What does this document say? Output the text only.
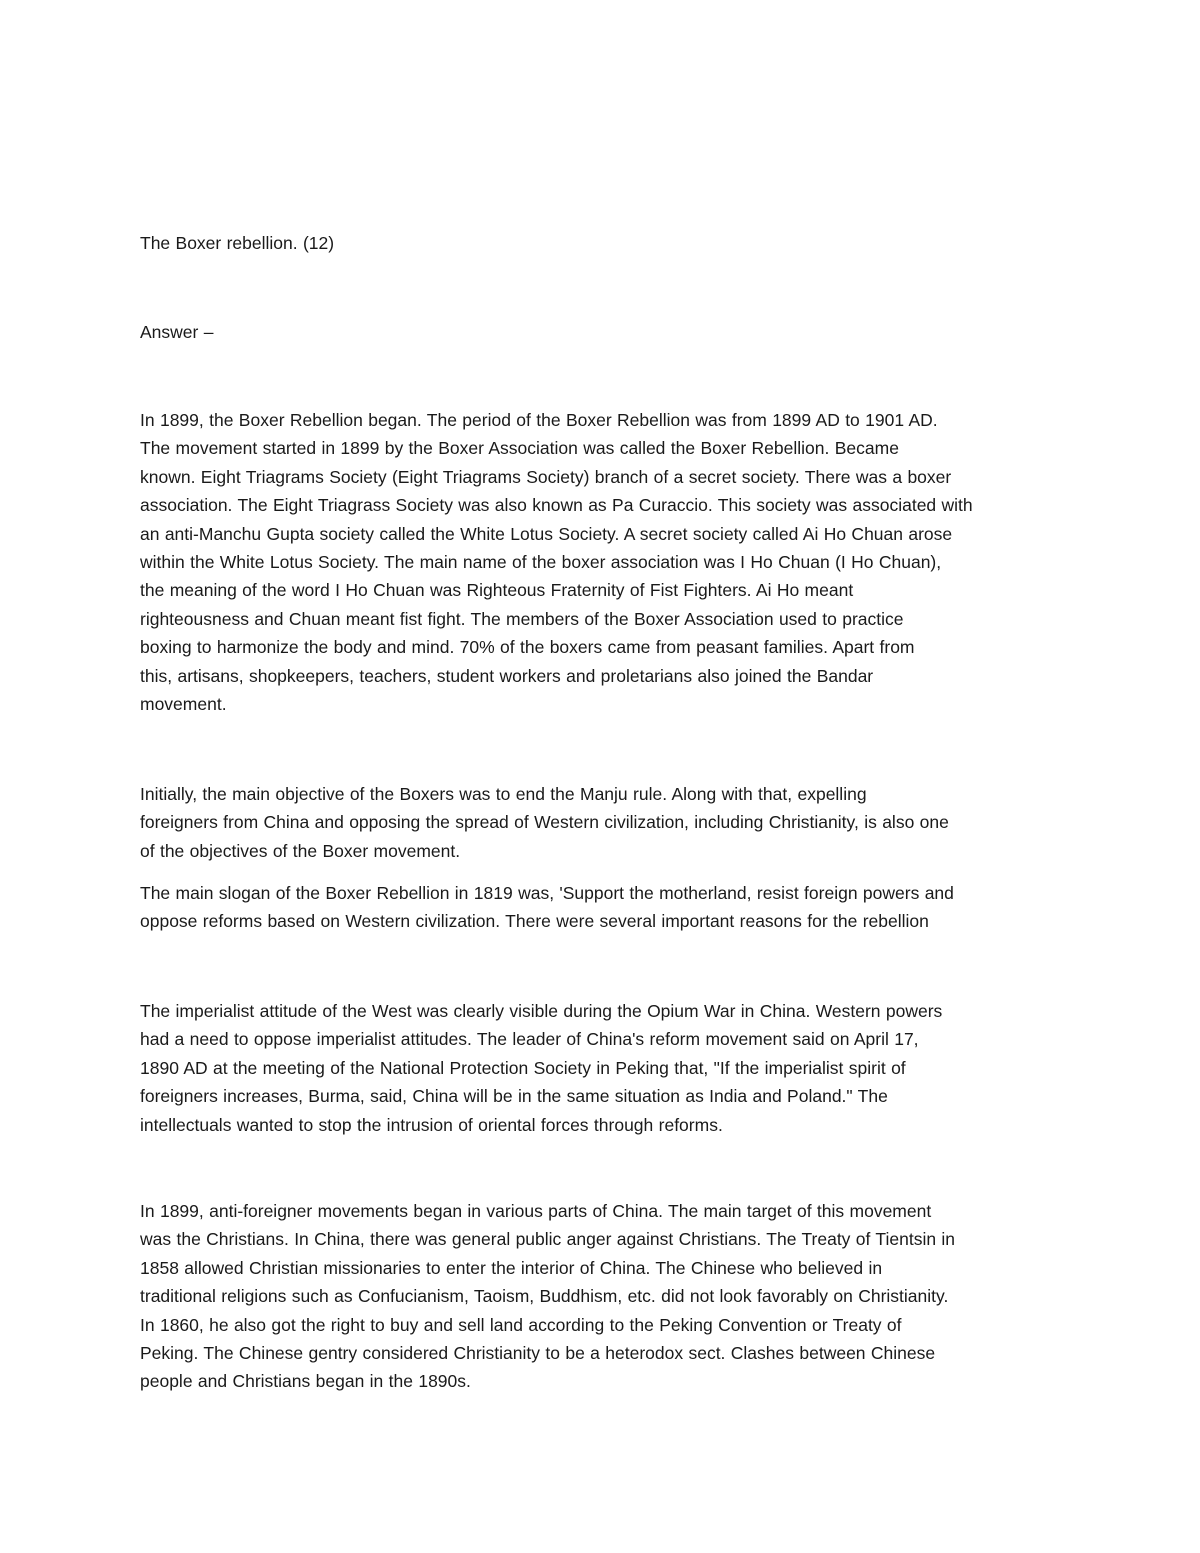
The Boxer rebellion. (12)

Answer –

In 1899, the Boxer Rebellion began. The period of the Boxer Rebellion was from 1899 AD to 1901 AD.
The movement started in 1899 by the Boxer Association was called the Boxer Rebellion. Became
known. Eight Triagrams Society (Eight Triagrams Society) branch of a secret society. There was a boxer
association. The Eight Triagrass Society was also known as Pa Curaccio. This society was associated with
an anti-Manchu Gupta society called the White Lotus Society. A secret society called Ai Ho Chuan arose
within the White Lotus Society. The main name of the boxer association was I Ho Chuan (I Ho Chuan),
the meaning of the word I Ho Chuan was Righteous Fraternity of Fist Fighters. Ai Ho meant
righteousness and Chuan meant fist fight. The members of the Boxer Association used to practice
boxing to harmonize the body and mind. 70% of the boxers came from peasant families. Apart from
this, artisans, shopkeepers, teachers, student workers and proletarians also joined the Bandar
movement.

Initially, the main objective of the Boxers was to end the Manju rule. Along with that, expelling
foreigners from China and opposing the spread of Western civilization, including Christianity, is also one
of the objectives of the Boxer movement.

The main slogan of the Boxer Rebellion in 1819 was, 'Support the motherland, resist foreign powers and
oppose reforms based on Western civilization. There were several important reasons for the rebellion

The imperialist attitude of the West was clearly visible during the Opium War in China. Western powers
had a need to oppose imperialist attitudes. The leader of China's reform movement said on April 17,
1890 AD at the meeting of the National Protection Society in Peking that, "If the imperialist spirit of
foreigners increases, Burma, said, China will be in the same situation as India and Poland." The
intellectuals wanted to stop the intrusion of oriental forces through reforms.

In 1899, anti-foreigner movements began in various parts of China. The main target of this movement
was the Christians. In China, there was general public anger against Christians. The Treaty of Tientsin in
1858 allowed Christian missionaries to enter the interior of China. The Chinese who believed in
traditional religions such as Confucianism, Taoism, Buddhism, etc. did not look favorably on Christianity.
In 1860, he also got the right to buy and sell land according to the Peking Convention or Treaty of
Peking. The Chinese gentry considered Christianity to be a heterodox sect. Clashes between Chinese
people and Christians began in the 1890s.
